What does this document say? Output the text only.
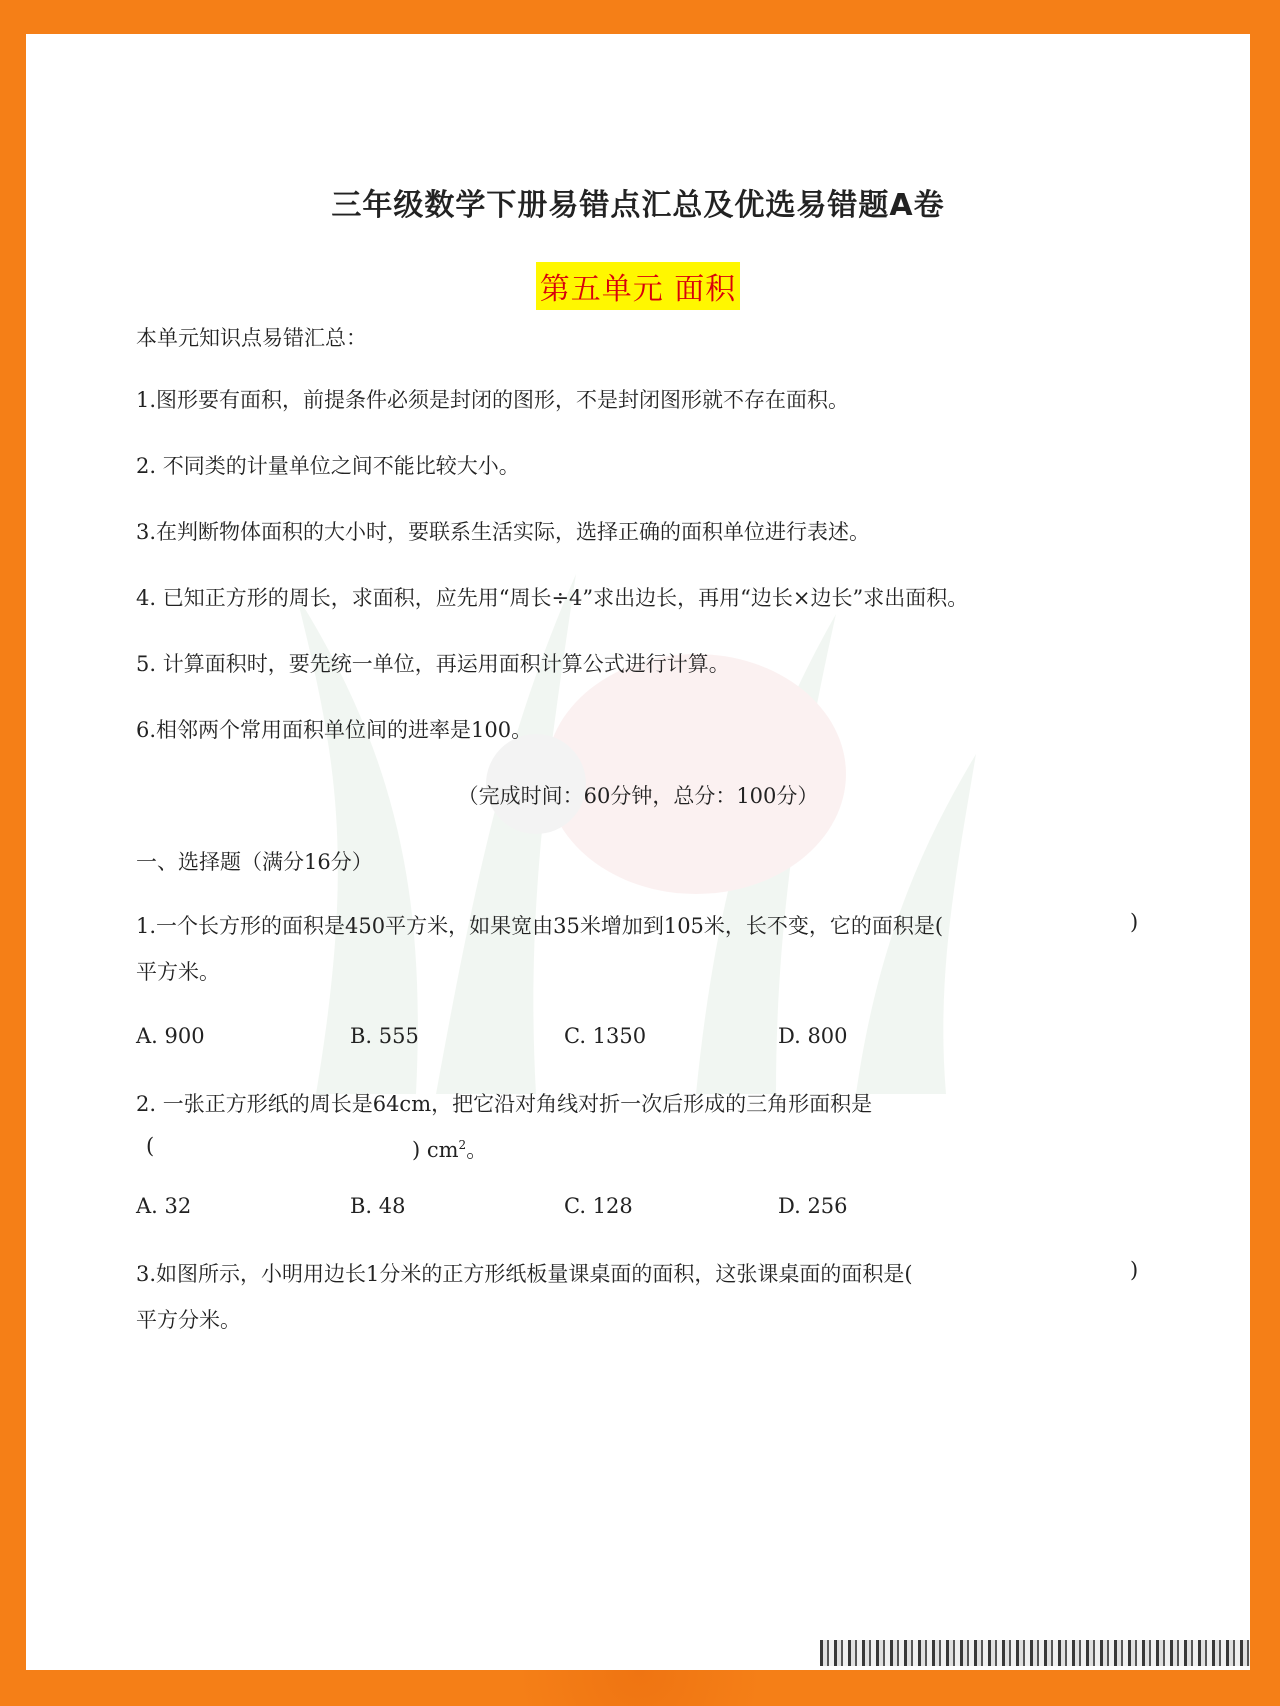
三年级数学下册易错点汇总及优选易错题A卷
第五单元 面积
本单元知识点易错汇总：
1.图形要有面积，前提条件必须是封闭的图形，不是封闭图形就不存在面积。
2. 不同类的计量单位之间不能比较大小。
3.在判断物体面积的大小时，要联系生活实际，选择正确的面积单位进行表述。
4. 已知正方形的周长，求面积，应先用“周长÷4”求出边长，再用“边长×边长”求出面积。
5. 计算面积时，要先统一单位，再运用面积计算公式进行计算。
6.相邻两个常用面积单位间的进率是100。
（完成时间：60分钟，总分：100分）
一、选择题（满分16分）
1.一个长方形的面积是450平方米，如果宽由35米增加到105米，长不变，它的面积是(	)
平方米。
A. 900	B. 555	C. 1350	D. 800
2. 一张正方形纸的周长是64cm，把它沿对角线对折一次后形成的三角形面积是
(	) $cm^2$。
A. 32	B. 48	C. 128	D. 256
3.如图所示，小明用边长1分米的正方形纸板量课桌面的面积，这张课桌面的面积是(	)
平方分米。
